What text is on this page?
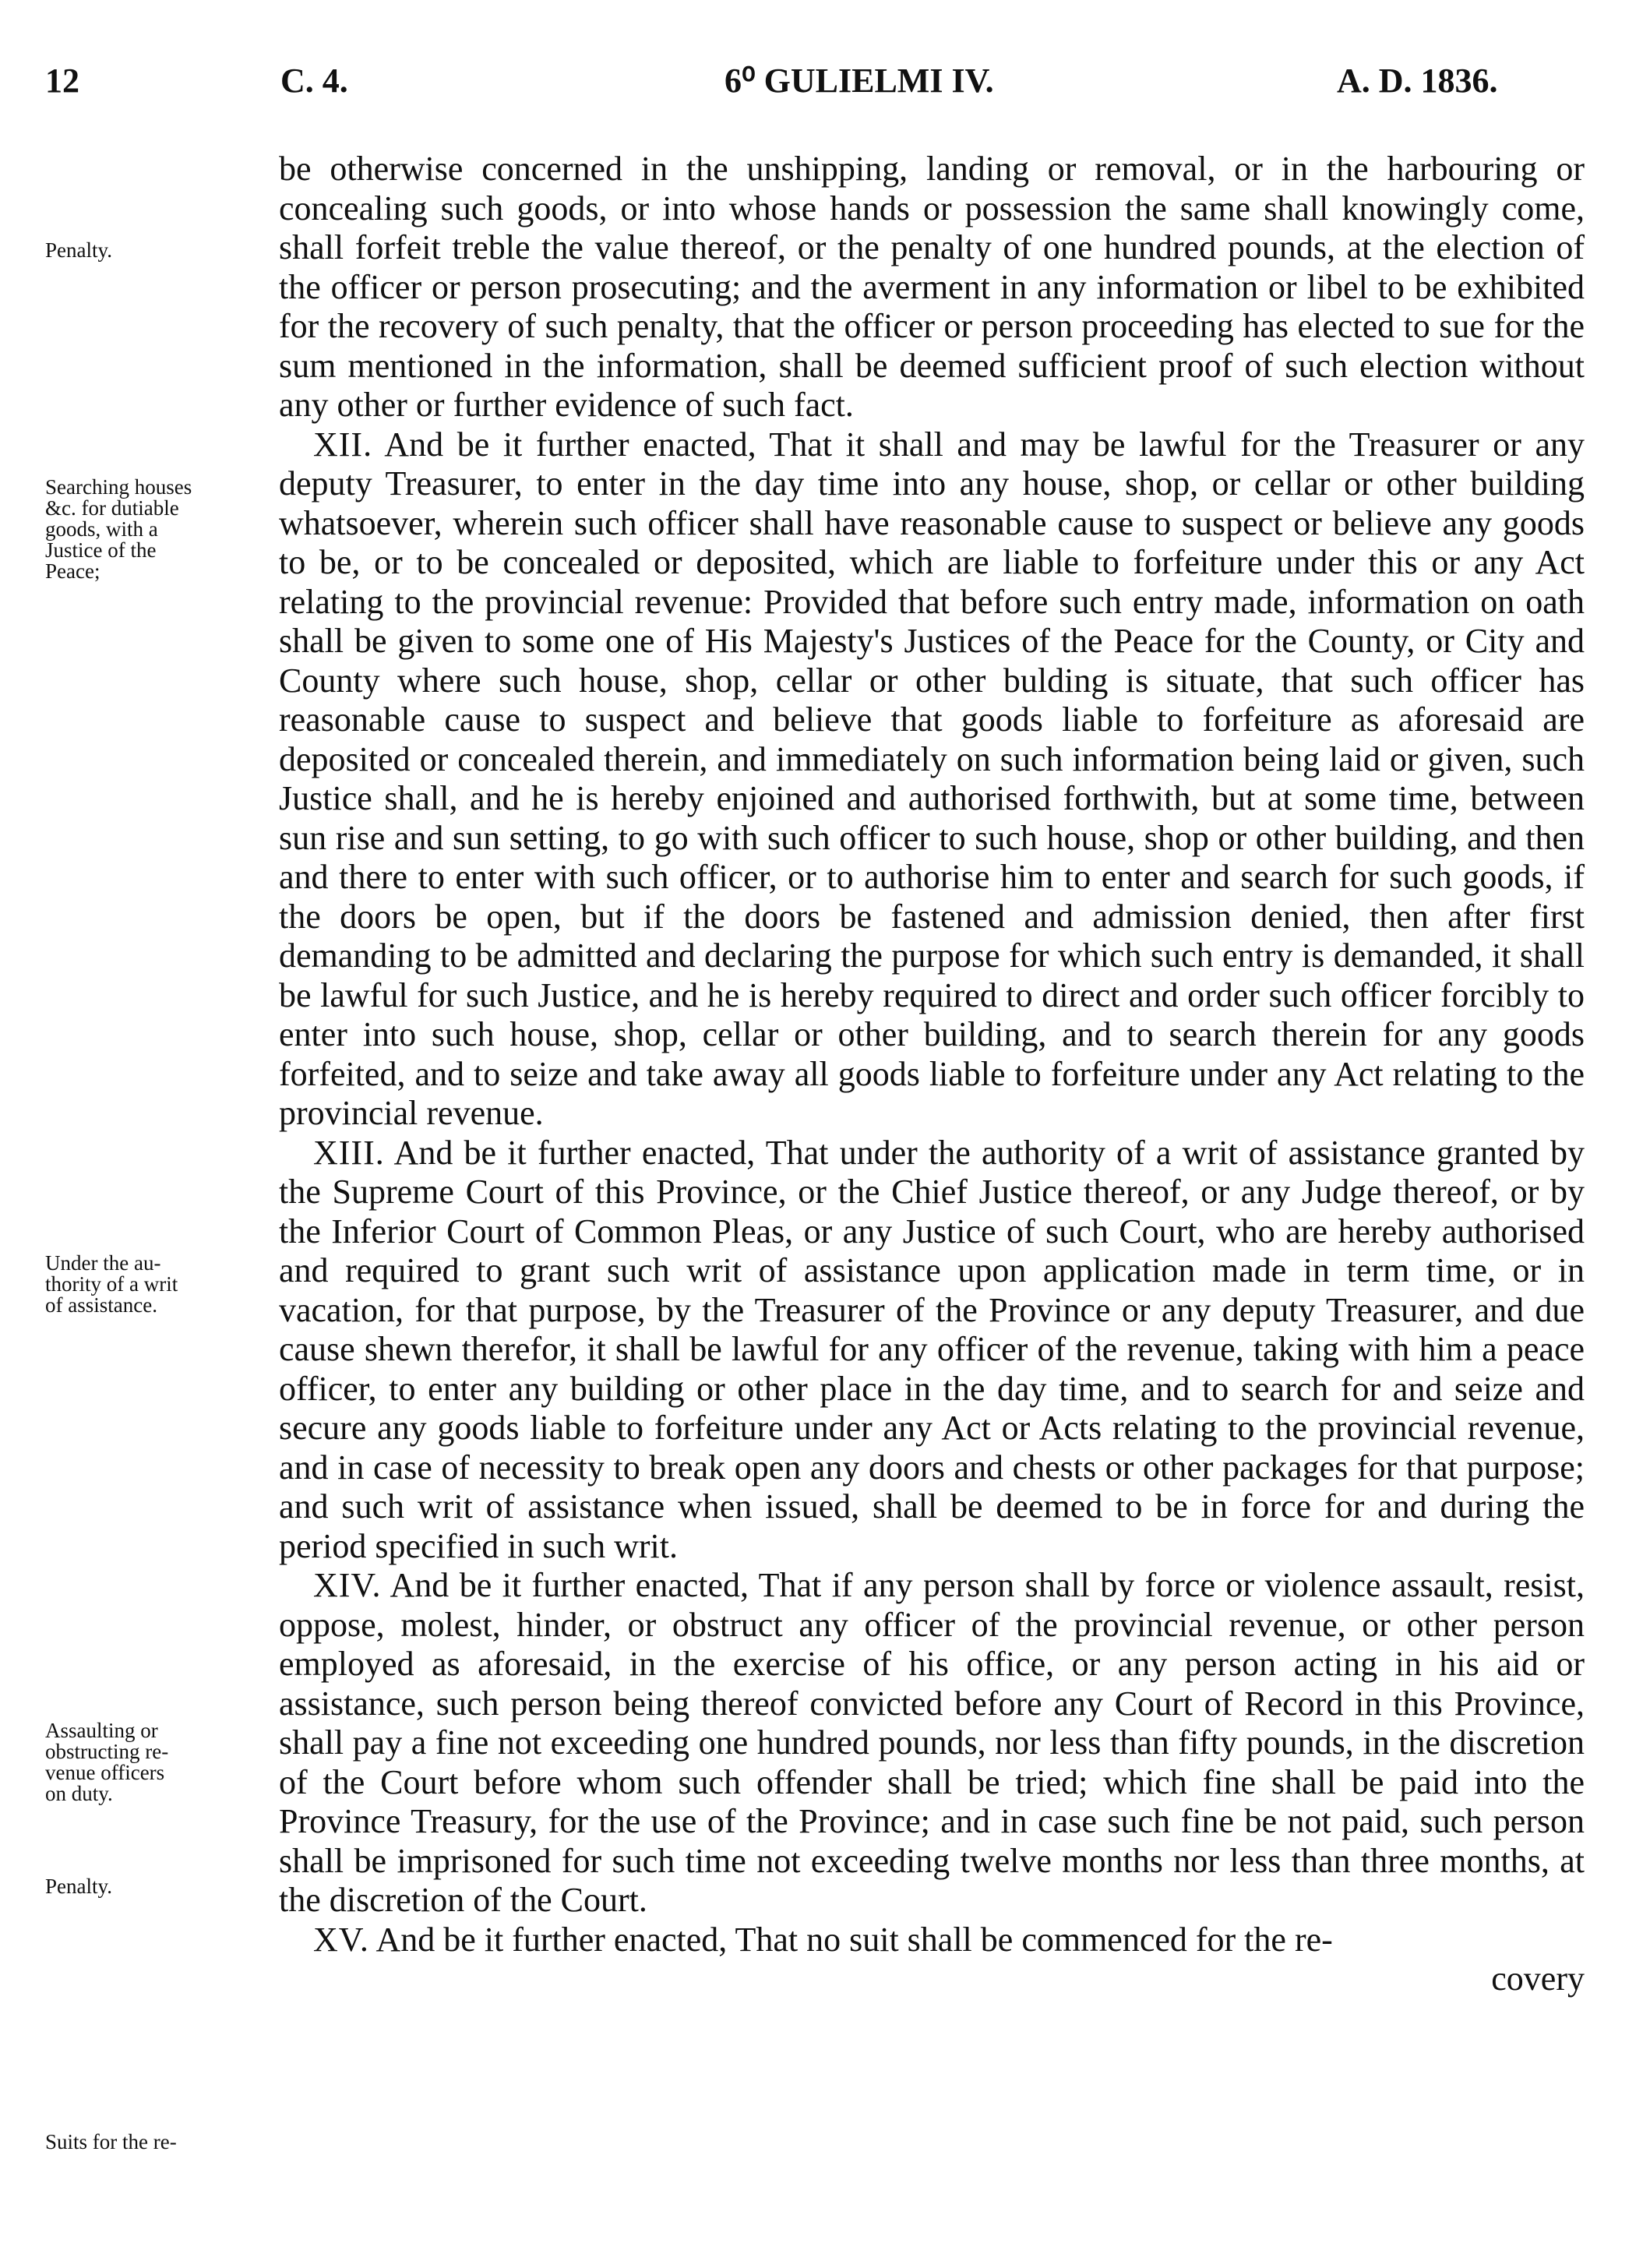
12	C. 4.	6⁰ GULIELMI IV.	A. D. 1836.
Penalty.
Searching houses
&c. for dutiable
goods, with a
Justice of the
Peace;
Under the au-
thority of a writ
of assistance.
Assaulting or
obstructing re-
venue officers
on duty.
Penalty.
Suits for the re-

be otherwise concerned in the unshipping, landing or removal, or in the harbouring or concealing such goods, or into whose hands or possession the same shall knowingly come, shall forfeit treble the value thereof, or the penalty of one hundred pounds, at the election of the officer or person prosecuting; and the averment in any information or libel to be exhibited for the recovery of such penalty, that the officer or person proceeding has elected to sue for the sum mentioned in the information, shall be deemed sufficient proof of such election without any other or further evidence of such fact.

XII. And be it further enacted, That it shall and may be lawful for the Treasurer or any deputy Treasurer, to enter in the day time into any house, shop, or cellar or other building whatsoever, wherein such officer shall have reasonable cause to suspect or believe any goods to be, or to be concealed or deposited, which are liable to forfeiture under this or any Act relating to the provincial revenue: Provided that before such entry made, information on oath shall be given to some one of His Majesty's Justices of the Peace for the County, or City and County where such house, shop, cellar or other bulding is situate, that such officer has reasonable cause to suspect and believe that goods liable to forfeiture as aforesaid are deposited or concealed therein, and immediately on such information being laid or given, such Justice shall, and he is hereby enjoined and authorised forthwith, but at some time, between sun rise and sun setting, to go with such officer to such house, shop or other building, and then and there to enter with such officer, or to authorise him to enter and search for such goods, if the doors be open, but if the doors be fastened and admission denied, then after first demanding to be admitted and declaring the purpose for which such entry is demanded, it shall be lawful for such Justice, and he is hereby required to direct and order such officer forcibly to enter into such house, shop, cellar or other building, and to search therein for any goods forfeited, and to seize and take away all goods liable to forfeiture under any Act relating to the provincial revenue.

XIII. And be it further enacted, That under the authority of a writ of assistance granted by the Supreme Court of this Province, or the Chief Justice thereof, or any Judge thereof, or by the Inferior Court of Common Pleas, or any Justice of such Court, who are hereby authorised and required to grant such writ of assistance upon application made in term time, or in vacation, for that purpose, by the Treasurer of the Province or any deputy Treasurer, and due cause shewn therefor, it shall be lawful for any officer of the revenue, taking with him a peace officer, to enter any building or other place in the day time, and to search for and seize and secure any goods liable to forfeiture under any Act or Acts relating to the provincial revenue, and in case of necessity to break open any doors and chests or other packages for that purpose; and such writ of assistance when issued, shall be deemed to be in force for and during the period specified in such writ.

XIV. And be it further enacted, That if any person shall by force or violence assault, resist, oppose, molest, hinder, or obstruct any officer of the provincial revenue, or other person employed as aforesaid, in the exercise of his office, or any person acting in his aid or assistance, such person being thereof convicted before any Court of Record in this Province, shall pay a fine not exceeding one hundred pounds, nor less than fifty pounds, in the discretion of the Court before whom such offender shall be tried; which fine shall be paid into the Province Treasury, for the use of the Province; and in case such fine be not paid, such person shall be imprisoned for such time not exceeding twelve months nor less than three months, at the discretion of the Court.

XV. And be it further enacted, That no suit shall be commenced for the re-

covery
